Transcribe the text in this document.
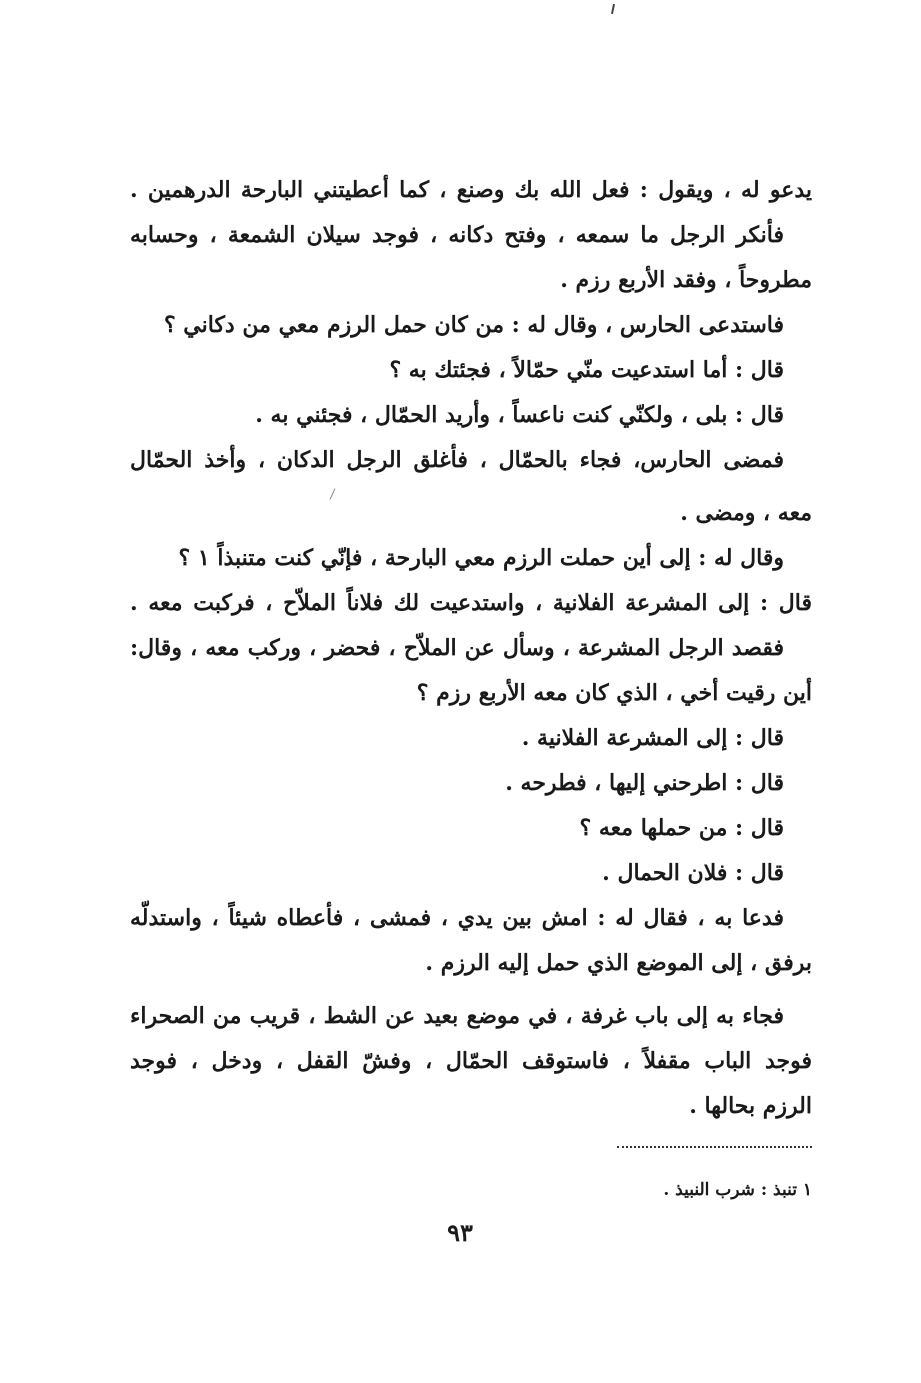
يدعو له ، ويقول : فعل الله بك وصنع ، كما أعطيتني البارحة الدرهمين .
فأنكر الرجل ما سمعه ، وفتح دكانه ، فوجد سيلان الشمعة ، وحسابه
مطروحاً ، وفقد الأربع رزم .
فاستدعى الحارس ، وقال له : من كان حمل الرزم معي من دكاني ؟
قال : أما استدعيت منّي حمّالاً ، فجئتك به ؟
قال : بلى ، ولكنّي كنت ناعساً ، وأريد الحمّال ، فجئني به .
فمضى الحارس، فجاء بالحمّال ، فأغلق الرجل الدكان ، وأخذ الحمّال
معه ، ومضى .
وقال له : إلى أين حملت الرزم معي البارحة ، فإنّي كنت متنبذاً ١ ؟
قال : إلى المشرعة الفلانية ، واستدعيت لك فلاناً الملاّح ، فركبت معه .
فقصد الرجل المشرعة ، وسأل عن الملاّح ، فحضر ، وركب معه ، وقال:
أين رقيت أخي ، الذي كان معه الأربع رزم ؟
قال : إلى المشرعة الفلانية .
قال : اطرحني إليها ، فطرحه .
قال : من حملها معه ؟
قال : فلان الحمال .
فدعا به ، فقال له : امش بين يدي ، فمشى ، فأعطاه شيئاً ، واستدلّه
برفق ، إلى الموضع الذي حمل إليه الرزم .
فجاء به إلى باب غرفة ، في موضع بعيد عن الشط ، قريب من الصحراء
فوجد الباب مقفلاً ، فاستوقف الحمّال ، وفشّ القفل ، ودخل ، فوجد
الرزم بحالها .
١ تنبذ : شرب النبيذ .
٩٣
